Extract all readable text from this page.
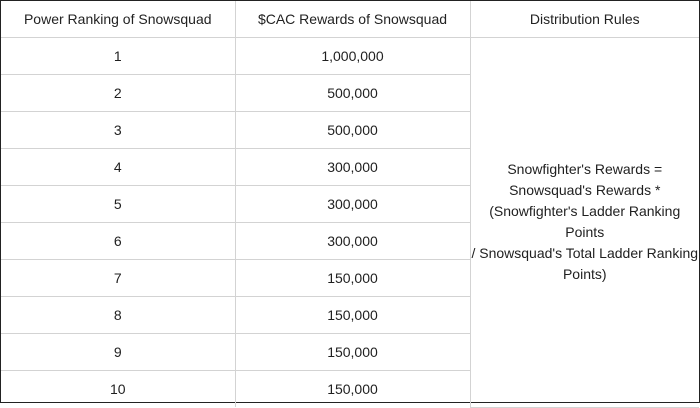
Power Ranking of Snowsquad	$CAC Rewards of Snowsquad	Distribution Rules
1	1,000,000	Snowfighter's Rewards =
Snowsquad's Rewards *
(Snowfighter's Ladder Ranking Points
/ Snowsquad's Total Ladder Ranking
Points)

2	500,000	
3	500,000	
4	300,000	
5	300,000	
6	300,000	
7	150,000	
8	150,000	
9	150,000	
10	150,000	
